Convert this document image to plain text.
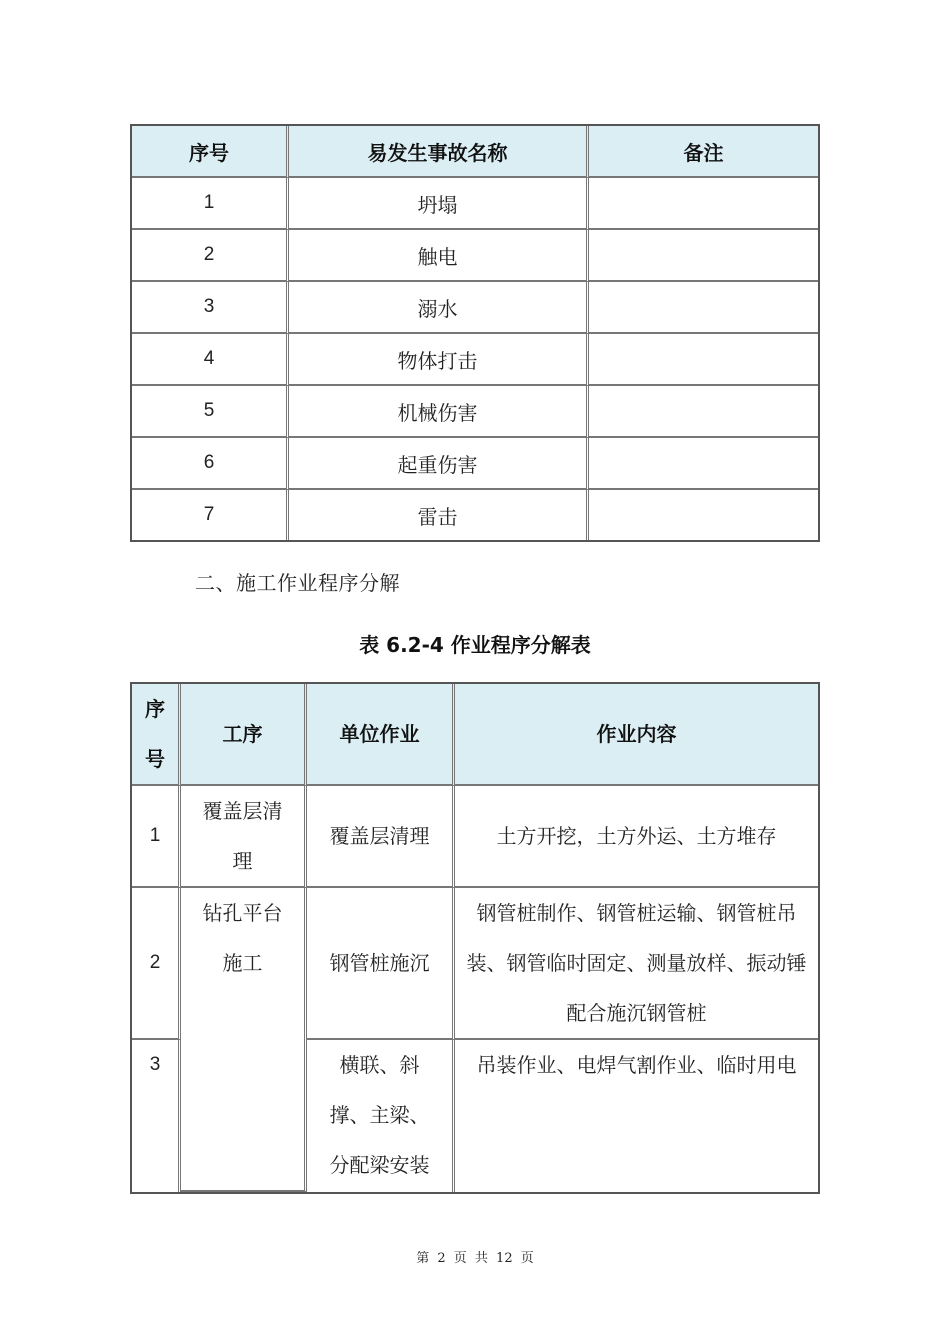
序号	易发生事故名称	备注
1	坍塌	
2	触电	
3	溺水	
4	物体打击	
5	机械伤害	
6	起重伤害	
7	雷击	
二、施工作业程序分解
表 6.2-4 作业程序分解表
序号	工序	单位作业	作业内容
1	覆盖层清理	覆盖层清理	土方开挖，土方外运、土方堆存
2	钻孔平台施工	钢管桩施沉	钢管桩制作、钢管桩运输、钢管桩吊装、钢管临时固定、测量放样、振动锤配合施沉钢管桩

3		横联、斜撑、主梁、分配梁安装	吊装作业、电焊气割作业、临时用电
第 2 页 共 12 页
